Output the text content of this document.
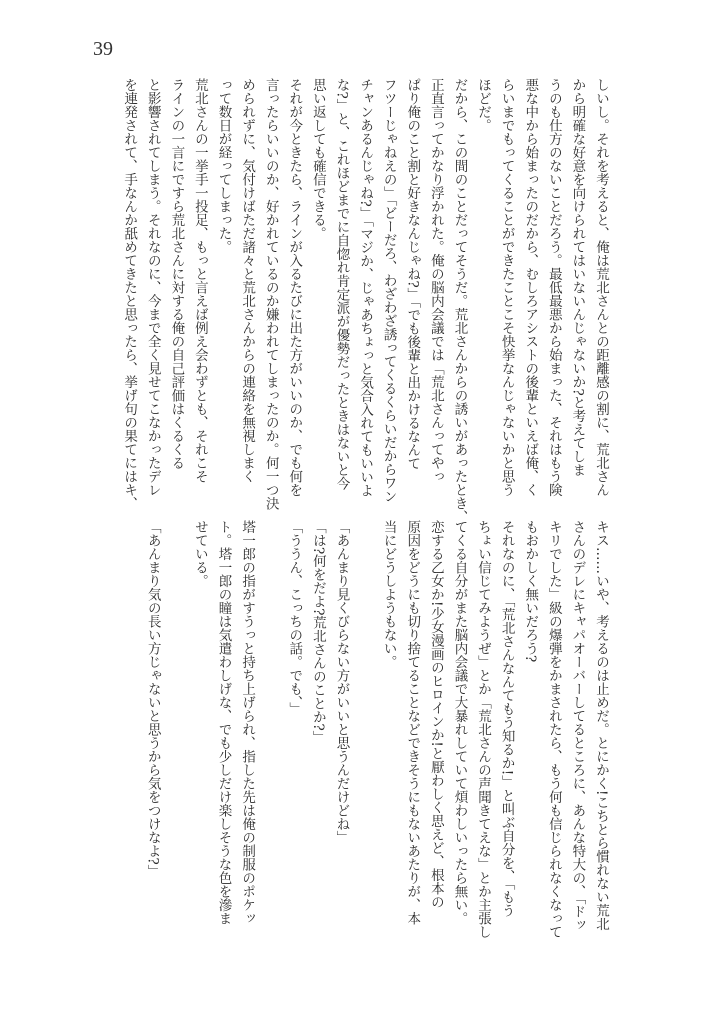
39
しいし。それを考えると、俺は荒北さんとの距離感の割に、荒北さん
から明確な好意を向けられてはいないんじゃないか?と考えてしま
うのも仕方のないことだろう。最低最悪から始まった、それはもう険
悪な中から始まったのだから、むしろアシストの後輩といえば俺、く
らいまでもってくることができたことこそ快挙なんじゃないかと思う
ほどだ。
だから、この間のことだってそうだ。荒北さんからの誘いがあったとき、
正直言ってかなり浮かれた。俺の脳内会議では「荒北さんってやっ
ぱり俺のこと割と好きなんじゃね?」「でも後輩と出かけるなんて
フツーじゃねえの」「どーだろ、わざわざ誘ってくるくらいだからワン
チャンあるんじゃね?」「マジか、じゃあちょっと気合入れてもいいよ
な?」と、これほどまでに自惚れ肯定派が優勢だったときはないと今
思い返しても確信できる。
それが今ときたら、ラインが入るたびに出た方がいいのか、でも何を
言ったらいいのか、好かれているのか嫌われてしまったのか。何一つ決
められずに、気付けばただ諸々と荒北さんからの連絡を無視しまく
って数日が経ってしまった。
荒北さんの一挙手一投足、もっと言えば例え会わずとも、それこそ
ラインの一言にですら荒北さんに対する俺の自己評価はくるくる
と影響されてしまう。それなのに、今まで全く見せてこなかったデレ
を連発されて、手なんか舐めてきたと思ったら、挙げ句の果てにはキ、
キス……いや、考えるのは止めだ。とにかく!こちとら慣れない荒北
さんのデレにキャパオーバーしてるところに、あんな特大の、「ドッ
キリでした」級の爆弾をかまされたら、もう何も信じられなくなって
もおかしく無いだろう?
それなのに、「荒北さんなんてもう知るか!」と叫ぶ自分を、「もう
ちょい信じてみようぜ」とか「荒北さんの声聞きてえな」とか主張し
てくる自分がまた脳内会議で大暴れしていて煩わしいったら無い。
恋する乙女か!少女漫画のヒロインか!と厭わしく思えど、根本の
原因をどうにも切り捨てることなどできそうにもないあたりが、本
当にどうしようもない。
「あんまり見くびらない方がいいと思うんだけどね」
「は?何をだよ?荒北さんのことか?」
「ううん、こっちの話。でも、」
塔一郎の指がすうっと持ち上げられ、指した先は俺の制服のポケッ
ト。塔一郎の瞳は気遣わしげな、でも少しだけ楽しそうな色を滲ま
せている。
「あんまり気の長い方じゃないと思うから気をつけなよ?」
